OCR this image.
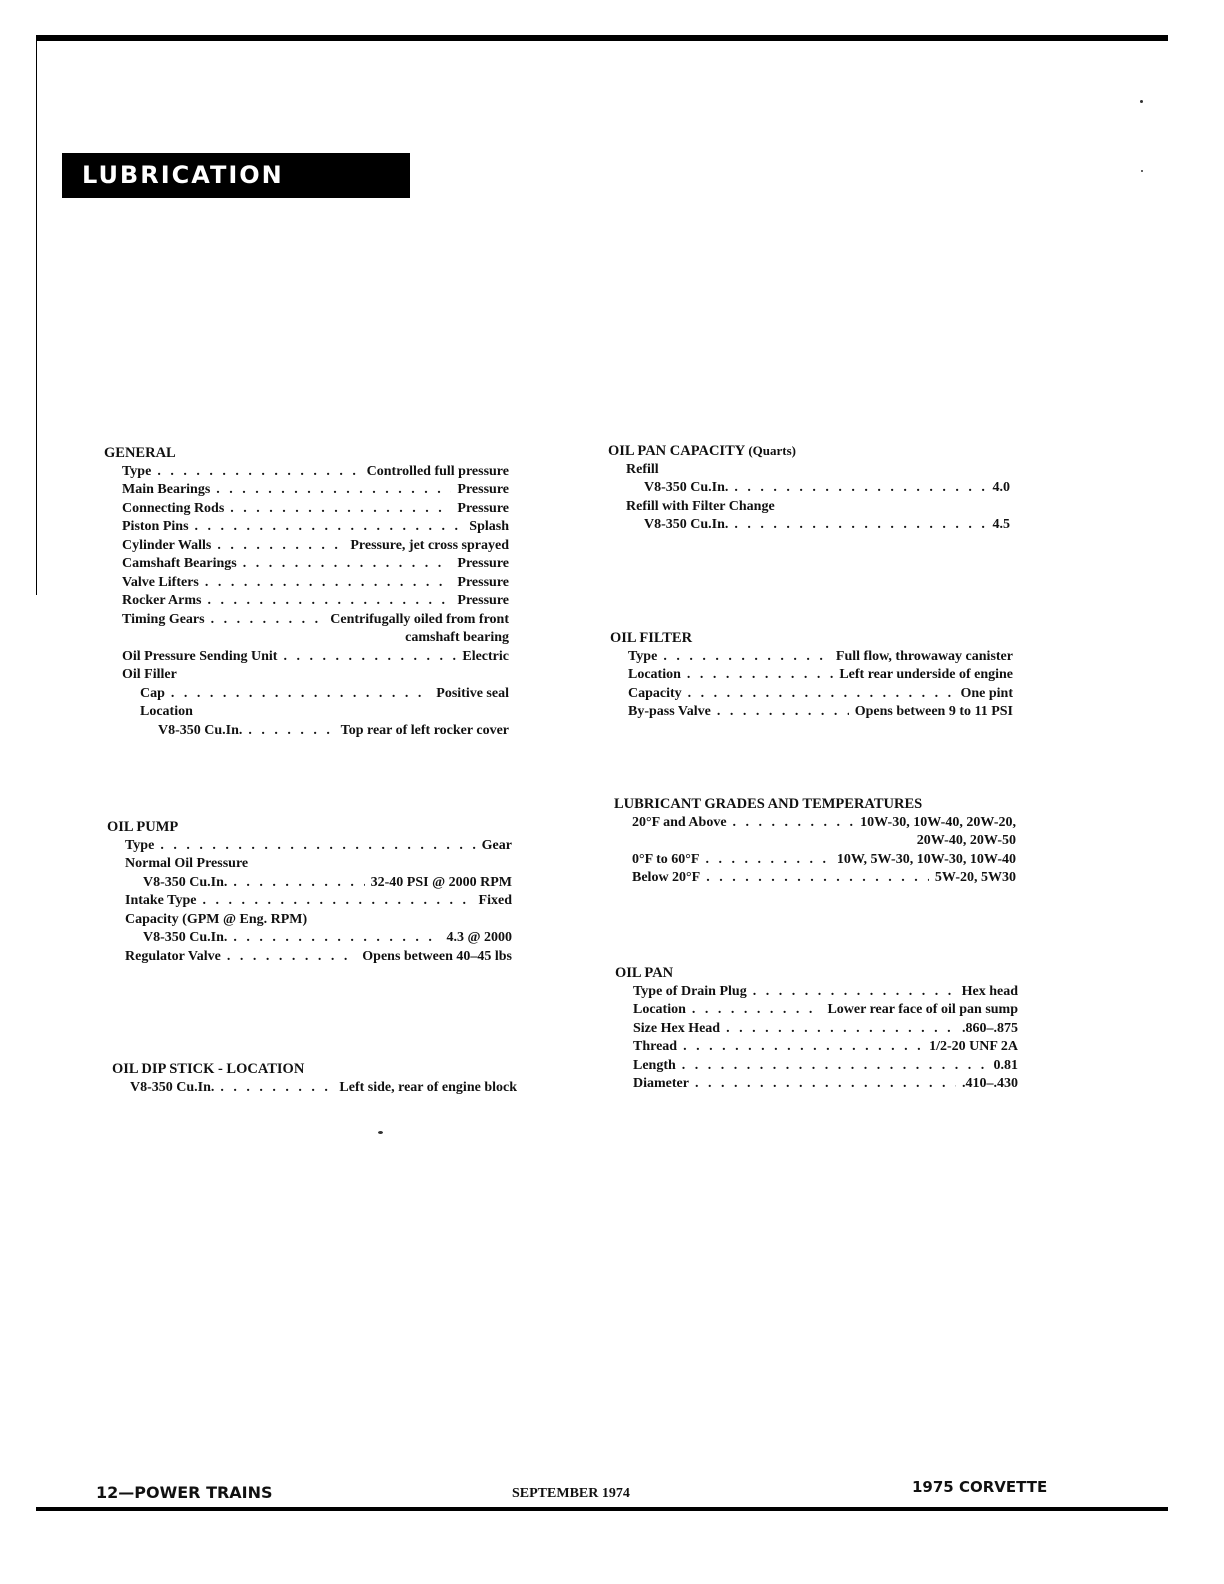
LUBRICATION SYSTEM
GENERAL
Type . . .	Controlled full pressure
Main Bearings . . .	Pressure
Connecting Rods . . .	Pressure
Piston Pins . . .	Splash
Cylinder Walls . . .	Pressure, jet cross sprayed
Camshaft Bearings . . .	Pressure
Valve Lifters . . .	Pressure
Rocker Arms . . .	Pressure
Timing Gears . . .	Centrifugally oiled from front
camshaft bearing
Oil Pressure Sending Unit . . .	Electric
Oil Filler
Cap . . .	Positive seal
Location
V8-350 Cu.In. . . .	Top rear of left rocker cover
OIL PUMP
Type . . .	Gear
Normal Oil Pressure
V8-350 Cu.In. . . .	32-40 PSI @ 2000 RPM
Intake Type . . .	Fixed
Capacity (GPM @ Eng. RPM)
V8-350 Cu.In. . . .	4.3 @ 2000
Regulator Valve . . .	Opens between 40–45 lbs
OIL DIP STICK - LOCATION
V8-350 Cu.In. . . .	Left side, rear of engine block
OIL PAN CAPACITY (Quarts)
Refill
V8-350 Cu.In. . . .	4.0
Refill with Filter Change
V8-350 Cu.In. . . .	4.5
OIL FILTER
Type . . .	Full flow, throwaway canister
Location . . .	Left rear underside of engine
Capacity . . .	One pint
By-pass Valve . . .	Opens between 9 to 11 PSI
LUBRICANT GRADES AND TEMPERATURES
20°F and Above . . .	10W-30, 10W-40, 20W-20,
20W-40, 20W-50
0°F to 60°F . . .	10W, 5W-30, 10W-30, 10W-40
Below 20°F . . .	5W-20, 5W30
OIL PAN
Type of Drain Plug . . .	Hex head
Location . . .	Lower rear face of oil pan sump
Size Hex Head . . .	.860–.875
Thread . . .	1/2-20 UNF 2A
Length . . .	0.81
Diameter . . .	.410–.430
12—POWER TRAINS	SEPTEMBER 1974	1975 CORVETTE
